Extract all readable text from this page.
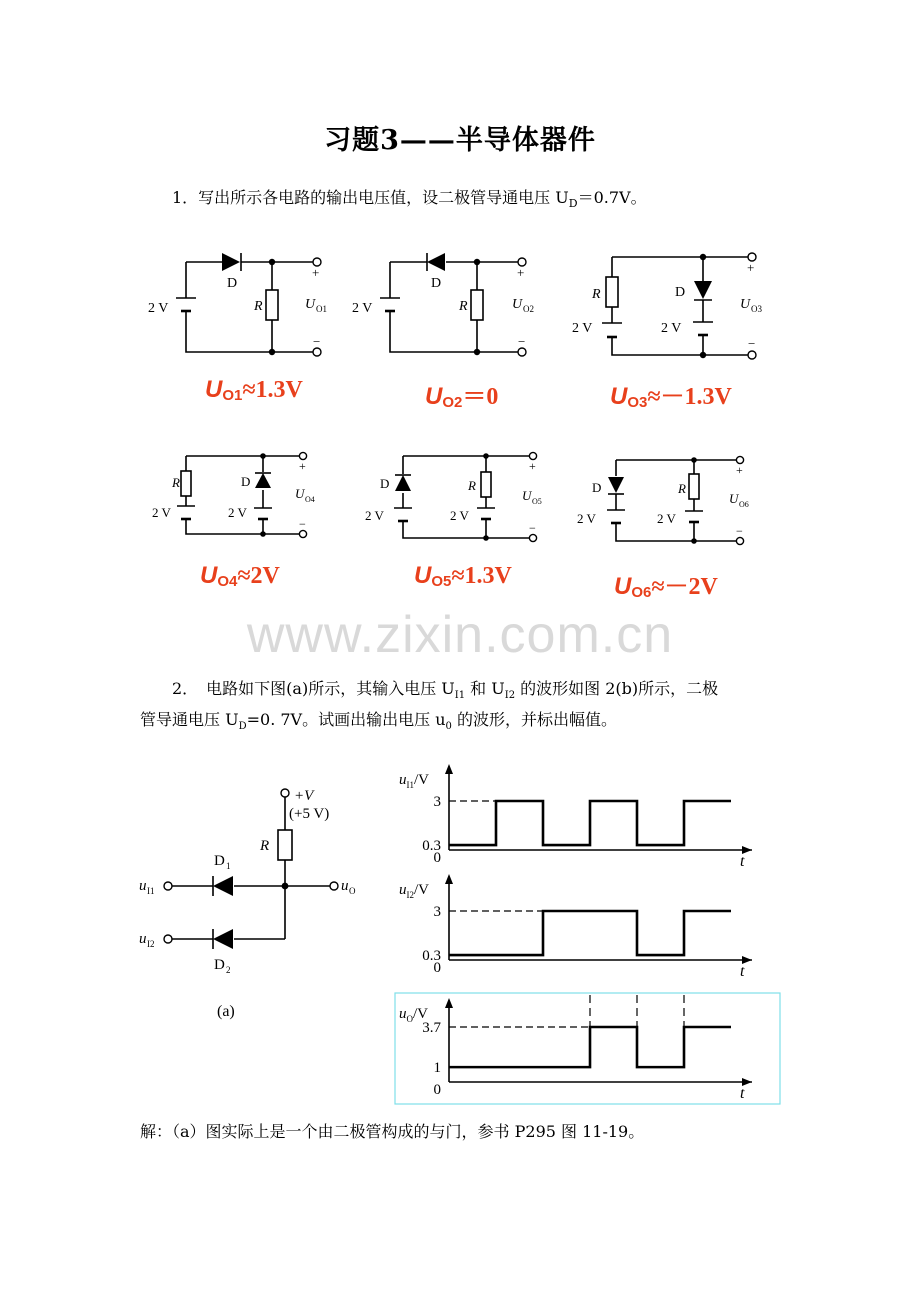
习题3——半导体器件
1．写出所示各电路的输出电压值，设二极管导通电压 $U_D=0.7V$。
2 V
D
R
+
−
U O1 2 V
D
R
+
−
U O2
R
2 V
D
2 V
+
−
U O3
R
2 V
D
2 V
+
−
U O4
D
2 V
R
2 V
+
−
U O5
D
2 V
R
2 V
+
−
U O6
$U_{O1}\approx 1.3V$	$U_{O2}=0$	$U_{O3}\approx-1.3V$
$U_{O4}\approx 2V$	$U_{O5}\approx 1.3V$	$U_{O6}\approx-2V$
www.zixin.com.cn
2．　电路如下图(a)所示，其输入电压 $U_{I1}$ 和 $U_{I2}$ 的波形如图 2(b)所示，二极
管导通电压 $U_D=0$. 7V。试画出输出电压 $u_0$ 的波形，并标出幅值。
+V
(+5 V)
R
D 1
D 2
u I1
u I2
u O
(a)
$u_{I1}/V$
t
3
0.3
0
$u_{I2}/V$
t
3
0.3
0
$u_O/V$
t
3.7
1
0
解：（a）图实际上是一个由二极管构成的与门，参书 P295 图 11-19。
